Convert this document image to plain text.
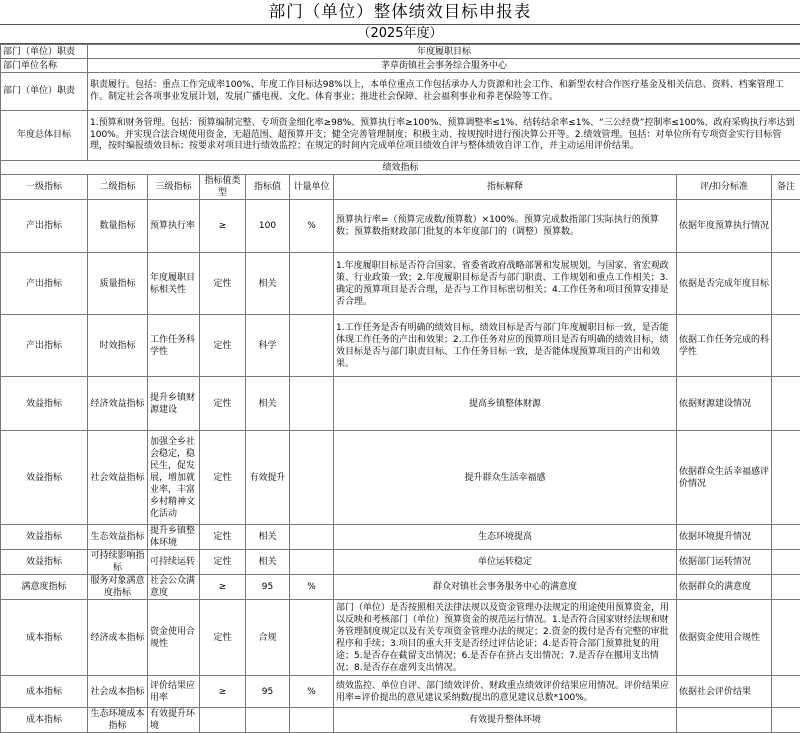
部门（单位）整体绩效目标申报表
（2025年度）
部门（单位）职责	年度履职目标							
部门单位名称	茅草街镇社会事务综合服务中心							
部门（单位）职责	职责履行。包括：重点工作完成率100%、年度工作目标达98%以上，本单位重点工作包括承办人力资源和社会工作、和新型农村合作医疗基金及相关信息、资料、档案管理工作。制定社会各项事业发展计划，发展广播电视、文化、体育事业；推进社会保障、社会福利事业和养老保险等工作。							
年度总体目标	1.预算和财务管理。包括：预算编制完整、专项资金细化率≥98%、预算执行率≥100%、预算调整率≤1%、结转结余率≤1%、“三公经费”控制率≤100%、政府采购执行率达到100%。并实现合法合规使用资金，无超范围、超预算开支；健全完善管理制度；积极主动、按规按时进行预决算公开等。2.绩效管理。包括：对单位所有专项资金实行目标管理，按时编报绩效目标；按要求对项目进行绩效监控；在规定的时间内完成单位项目绩效自评与整体绩效自评工作，并主动运用评价结果。							
绩效指标								
一级指标	二级指标	三级指标	指标值类型	指标值	计量单位	指标解释	评/扣分标准	备注
产出指标	数量指标	预算执行率	≥	100	%	预算执行率=（预算完成数/预算数）×100%。预算完成数指部门实际执行的预算数；预算数指财政部门批复的本年度部门的（调整）预算数。	依据年度预算执行情况	
产出指标	质量指标	年度履职目标相关性	定性	相关		1.年度履职目标是否符合国家、省委省政府战略部署和发展规划，与国家、省宏观政策、行业政策一致；2.年度履职目标是否与部门职责、工作规划和重点工作相关；3.确定的预算项目是否合理，是否与工作目标密切相关；4.工作任务和项目预算安排是否合理。	依据是否完成年度目标	
产出指标	时效指标	工作任务科学性	定性	科学		1.工作任务是否有明确的绩效目标，绩效目标是否与部门年度履职目标一致，是否能体现工作任务的产出和效果；2.工作任务对应的预算项目是否有明确的绩效目标，绩效目标是否与部门职责目标、工作任务目标一致，是否能体现预算项目的产出和效果。	依据工作任务完成的科学性	
效益指标	经济效益指标	提升乡镇财源建设	定性	相关		提高乡镇整体财源	依据财源建设情况	
效益指标	社会效益指标	加强全乡社会稳定，稳民生，促发展，增加就业率，丰富乡村精神文化活动	定性	有效提升		提升群众生活幸福感	依据群众生活幸福感评价情况	
效益指标	生态效益指标	提升乡镇整体环境	定性	相关		生态环境提高	依据环境提升情况	
效益指标	可持续影响指标	可持续运转	定性	相关		单位运转稳定	依据部门运转情况	
满意度指标	服务对象满意度指标	社会公众满意度	≥	95	%	群众对镇社会事务服务中心的满意度	依据群众的满意度	
成本指标	经济成本指标	资金使用合规性	定性	合规		部门（单位）是否按照相关法律法规以及资金管理办法规定的用途使用预算资金，用以反映和考核部门（单位）预算资金的规范运行情况。1.是否符合国家财经法规和财务管理制度规定以及有关专项资金管理办法的规定；2.资金的拨付是否有完整的审批程序和手续；3.项目的重大开支是否经过评估论证；4.是否符合部门预算批复的用途；5.是否存在截留支出情况；6.是否存在挤占支出情况；7.是否存在挪用支出情况；8.是否存在虚列支出情况。	依据资金使用合规性	
成本指标	社会成本指标	评价结果应用率	≥	95	%	绩效监控、单位自评、部门绩效评价、财政重点绩效评价结果应用情况。评价结果应用率=评价提出的意见建议采纳数/提出的意见建议总数*100%。	依据社会评价结果	
成本指标	生态环境成本指标	有效提升环境				有效提升整体环境		
